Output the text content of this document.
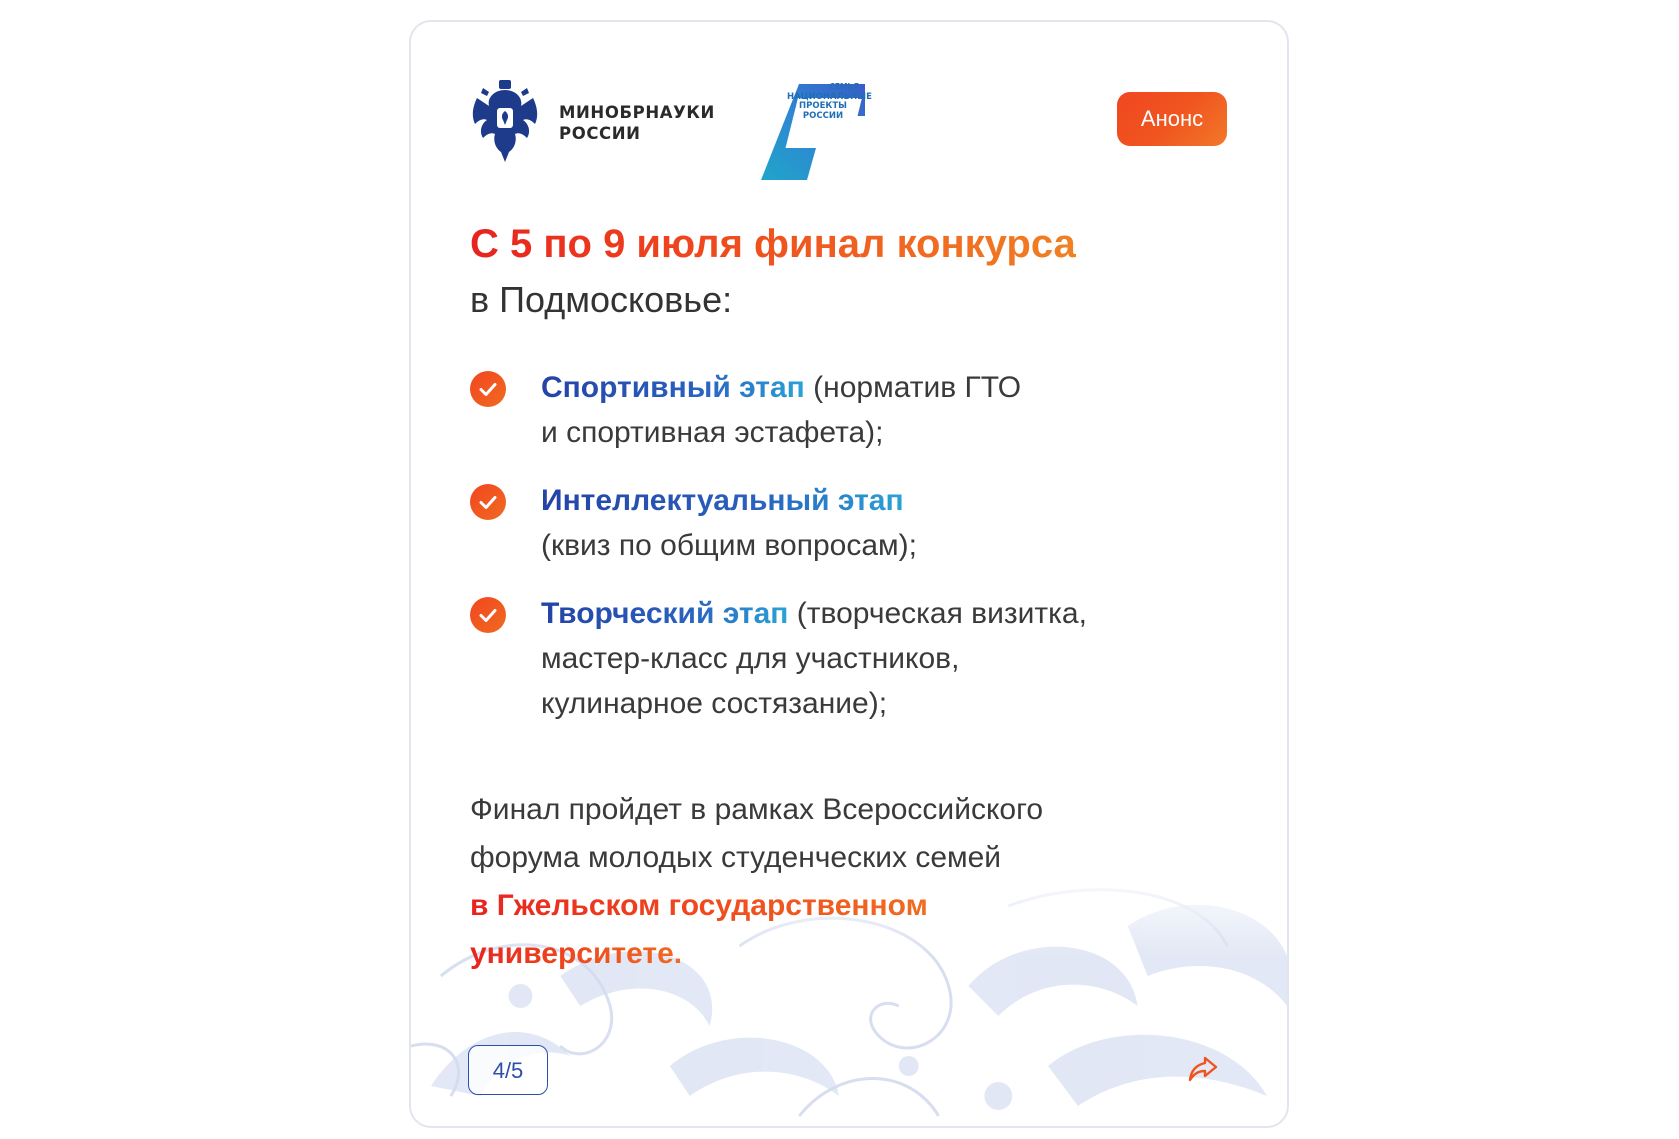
МИНОБРНАУКИ
РОССИИ
СЕМЬЯ
НАЦИОНАЛЬНЫЕ
ПРОЕКТЫ
РОССИИ	Анонс
С 5 по 9 июля финал конкурса
в Подмосковье:
Спортивный этап (норматив ГТО
и спортивная эстафета);
Интеллектуальный этап
(квиз по общим вопросам);
Творческий этап (творческая визитка,
мастер-класс для участников,
кулинарное состязание);
Финал пройдет в рамках Всероссийского
форума молодых студенческих семей
в Гжельском государственном
университете.
4/5
